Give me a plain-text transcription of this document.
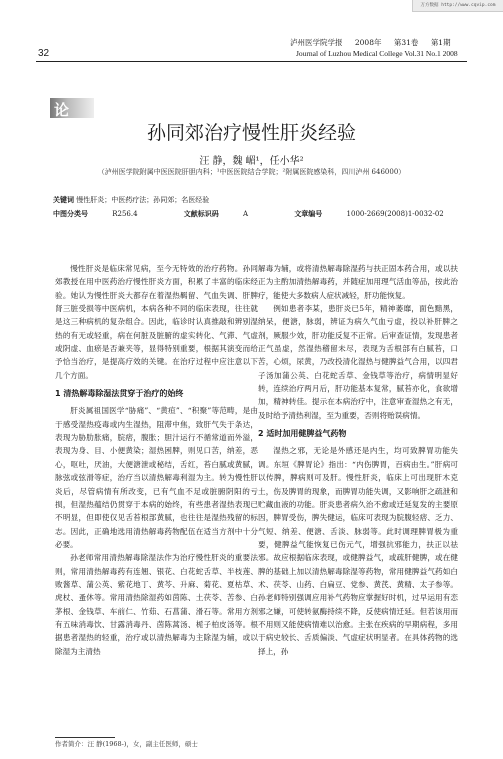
万方数据 http://www.cqvip.com
32
泸州医学院学报 2008年 第31卷 第1期
Journal of Luzhou Medical College Vol.31 No.1 2008
论 著	孙同郊治疗慢性肝炎经验
汪 静，魏 嵋¹，任小华²
（泸州医学院附属中医医院肝胆内科；¹中医医院结合学院；²附属医院感染科，四川泸州 646000）
关键词 慢性肝炎；中医药疗法；孙同郊；名医经验
中图分类号	R256.4	文献标识码	A	文章编号	1000-2669(2008)1-0032-02

慢性肝炎是临床常见病，至今无特效的治疗药物。孙同郊教授在用中医药治疗慢性肝炎方面，积累了丰富的临床经验。她认为慢性肝炎大都存在着湿热羁留、气血失调、肝脾肾三脏受损等中医病机，本病各种不同的临床表现，往往就是这三种病机的复杂组合。因此，临诊时认真推敲和辨别湿热的有无或轻重，病在何脏及脏腑的虚实转化、气滞、气虚或阴虚、血瘀是否兼夹等，显得特别重要，根据其演变而给予恰当治疗，是提高疗效的关键。在治疗过程中应注意以下几个方面。

1 清热解毒除湿法贯穿于治疗的始终

肝炎属祖国医学“胁痛”、“黄疸”、“积聚”等范畴，是由于感受湿热疫毒或内生湿热，阻滞中焦，致肝气失于条达，表现为胁肋胀痛，脘痞，腹胀；胆汁运行不循常道而外溢，表现为身、目、小便黄染；湿热困脾，则见口苦，纳差，恶心，呕吐，厌油，大便溏泄或秘结，舌红，苔白腻或黄腻，脉弦或弦滑等症，治疗当以清热解毒利湿为主。转为慢性肝炎后，尽管病情有所改变，已有气血不足或脏腑阴阳的亏损，但湿热蕴结仍贯穿于本病的始终，有些患者湿热表现已不明显，但即使仅见舌苔根部黄腻，也往往是湿热残留的标志。因此，正确地选用清热解毒药物配伍在适当方剂中十分必要。

孙老师常用清热解毒除湿法作为治疗慢性肝炎的重要法则，常用清热解毒药有连翘、银花、白花蛇舌草、半枝莲、败酱草、蒲公英、紫花地丁、黄芩、升麻、菊花、夏枯草、虎杖、蚤休等。常用清热除湿药如茵陈、土茯苓、苦参、白茅根、金钱草、车前仁、竹茹、石菖蒲、滑石等。常用方剂有五味消毒饮、甘露消毒丹、茵陈蒿汤、栀子柏皮汤等。根据患者湿热的轻重，治疗或以清热解毒为主除湿为辅，或以除湿为主清热

解毒为辅，或将清热解毒除湿药与扶正固本药合用，或以扶正为主酌加清热解毒药，并随症加用理气活血等品，按此治疗，能使大多数病人症状减轻，肝功能恢复。

例如患者李某，患肝炎已5年，精神萎靡，面色黯黑，纳呆，便溏，脉弱，辨证为病久气血亏虚，投以补肝脾之剂，厥服少效，肝功能反复不正常。后审查证情，发现患者正气虽虚，然湿热稽留未尽，表现为舌根部有白腻苔，口苦，心烦，尿黄，乃改投清化湿热与健脾益气合用，以四君子汤加蒲公英、白花蛇舌草、金钱草等治疗，病情明显好转，连续治疗两月后，肝功能基本复常，腻苔亦化，食欲增加，精神转佳。提示在本病治疗中，注意审查湿热之有无，及时给予清热利湿，至为重要，否则将贻误病情。

2 适时加用健脾益气药物

湿热之邪，无论是外感还是内生，均可致脾胃功能失调。东垣《脾胃论》指出：“内伤脾胃，百病由生。”肝病可以传脾，脾病则可及肝。慢性肝炎，临床上可出现肝木克土，伤及脾胃的现象，而脾胃功能失调，又影响肝之疏泄和贮藏血液的功能。肝炎患者病久治不愈或迁延复发的主要原因，脾胃受伤，脾失健运，临床可表现为脘腹轻痞、乏力、气短、纳差、便溏、舌淡、脉弱等。此时调理脾胃极为重要，健脾益气能恢复已伤元气，增强抗邪能力，扶正以祛邪。故应根据临床表现，或健脾益气，或疏肝健脾，或在健脾的基础上加以清热解毒除湿等药物，常用健脾益气药如白术、茯苓、山药、白扁豆、党参、黄芪、黄精、太子参等。孙老师特别强调应用补气药物应掌握好时机，过早运用有恋邪之嫌，可使转氨酶持续不降，反使病情迁延。但若该用而不用则又能使病情难以治愈。主张在疾病的早期病程，多用于病史较长、舌质偏淡、气虚症状明显者。在具体药物的选择上，孙

作者简介：汪 静(1968-)，女，副主任医师，硕士
